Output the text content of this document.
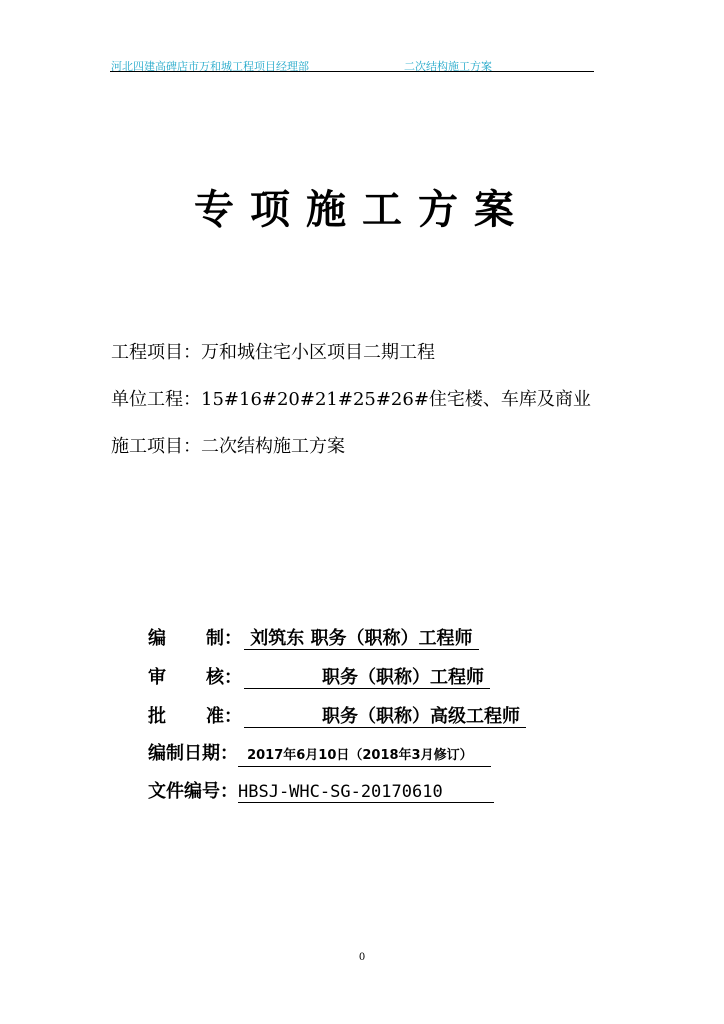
河北四建高碑店市万和城工程项目经理部	二次结构施工方案
专项施工方案
工程项目：万和城住宅小区项目二期工程
单位工程：15#16#20#21#25#26#住宅楼、车库及商业
施工项目：二次结构施工方案
编 制： 刘筑东 职务（职称）工程师
审 核：	职务（职称）工程师
批 准：	职务（职称）高级工程师
编制日期： 2017年6月10日（2018年3月修订）
文件编号：HBSJ-WHC-SG-20170610
0
